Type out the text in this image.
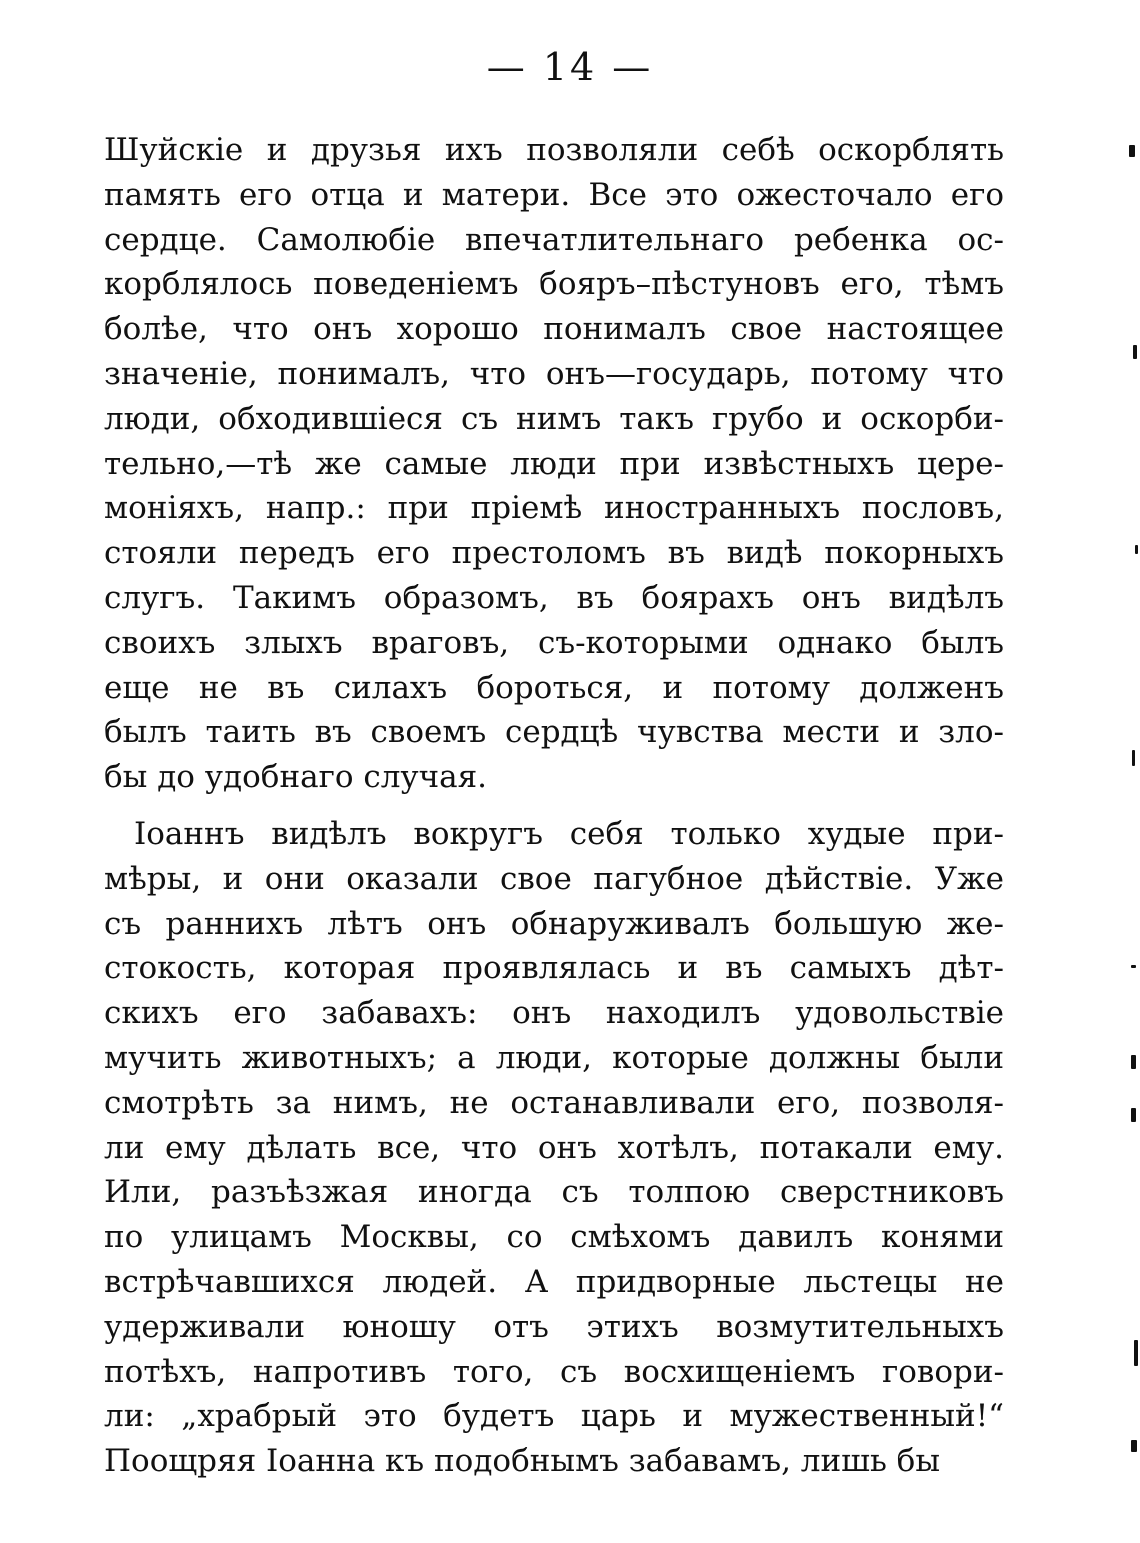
— 14 —
Шуйскіе и друзья ихъ позволяли себѣ оскорблять
память его отца и матери. Все это ожесточало его
сердце. Самолюбіе впечатлительнаго ребенка ос-
корблялось поведеніемъ бояръ–пѣстуновъ его, тѣмъ
болѣе, что онъ хорошо понималъ свое настоящее
значеніе, понималъ, что онъ—государь, потому что
люди, обходившіеся съ нимъ такъ грубо и оскорби-
тельно,—тѣ же самые люди при извѣстныхъ цере-
моніяхъ, напр.: при пріемѣ иностранныхъ пословъ,
стояли передъ его престоломъ въ видѣ покорныхъ
слугъ. Такимъ образомъ, въ боярахъ онъ видѣлъ
своихъ злыхъ враговъ, съ-которыми однако былъ
еще не въ силахъ бороться, и потому долженъ
былъ таить въ своемъ сердцѣ чувства мести и зло-
бы до удобнаго случая.
Іоаннъ видѣлъ вокругъ себя только худые при-
мѣры, и они оказали свое пагубное дѣйствіе. Уже
съ раннихъ лѣтъ онъ обнаруживалъ большую же-
стокость, которая проявлялась и въ самыхъ дѣт-
скихъ его забавахъ: онъ находилъ удовольствіе
мучить животныхъ; а люди, которые должны были
смотрѣть за нимъ, не останавливали его, позволя-
ли ему дѣлать все, что онъ хотѣлъ, потакали ему.
Или, разъѣзжая иногда съ толпою сверстниковъ
по улицамъ Москвы, со смѣхомъ давилъ конями
встрѣчавшихся людей. А придворные льстецы не
удерживали юношу отъ этихъ возмутительныхъ
потѣхъ, напротивъ того, съ восхищеніемъ говори-
ли: „храбрый это будетъ царь и мужественный!“
Поощряя Іоанна къ подобнымъ забавамъ, лишь бы
